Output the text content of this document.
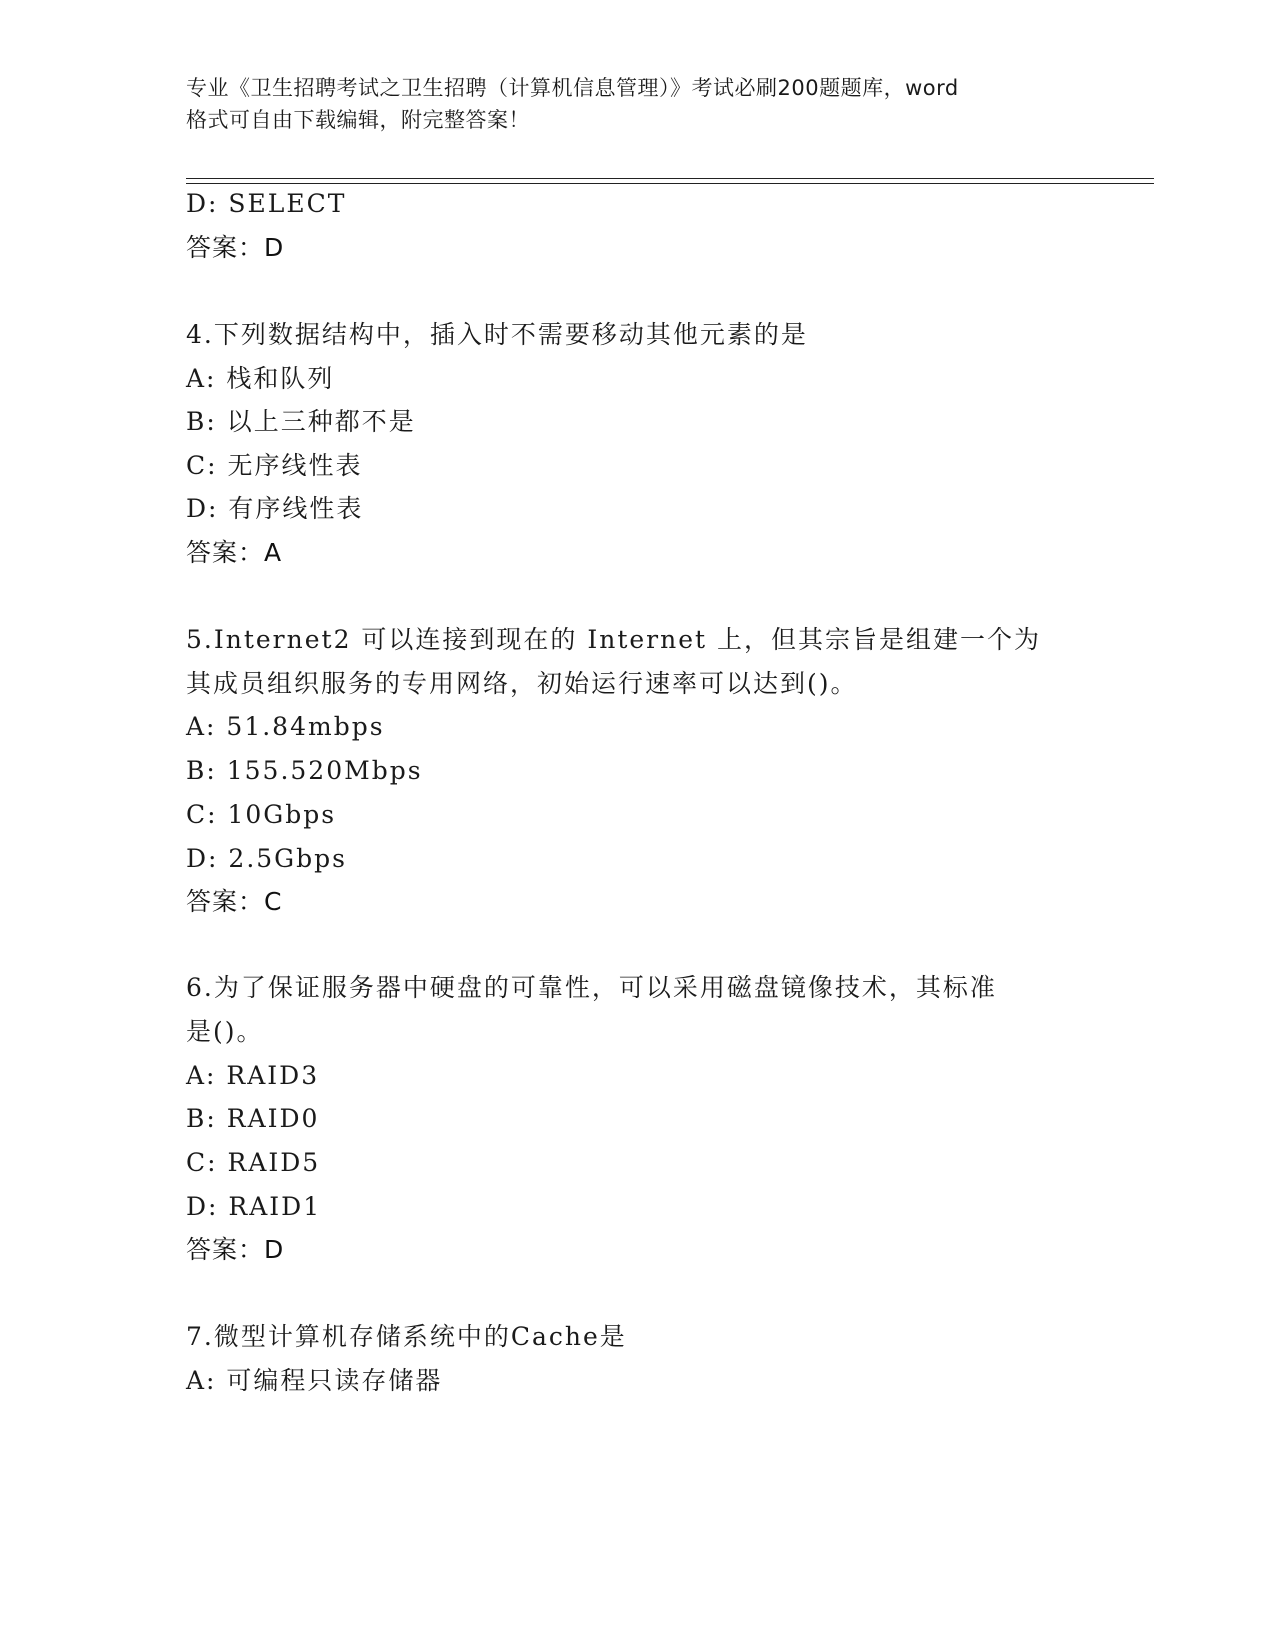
专业《卫生招聘考试之卫生招聘（计算机信息管理）》考试必刷200题题库，word
格式可自由下载编辑，附完整答案！
D: SELECT
答案：D
4.下列数据结构中，插入时不需要移动其他元素的是
A: 栈和队列
B: 以上三种都不是
C: 无序线性表
D: 有序线性表
答案：A
5.Internet2 可以连接到现在的 Internet 上，但其宗旨是组建一个为
其成员组织服务的专用网络，初始运行速率可以达到()。
A: 51.84mbps
B: 155.520Mbps
C: 10Gbps
D: 2.5Gbps
答案：C
6.为了保证服务器中硬盘的可靠性，可以采用磁盘镜像技术，其标准
是()。
A: RAID3
B: RAID0
C: RAID5
D: RAID1
答案：D
7.微型计算机存储系统中的Cache是
A: 可编程只读存储器
